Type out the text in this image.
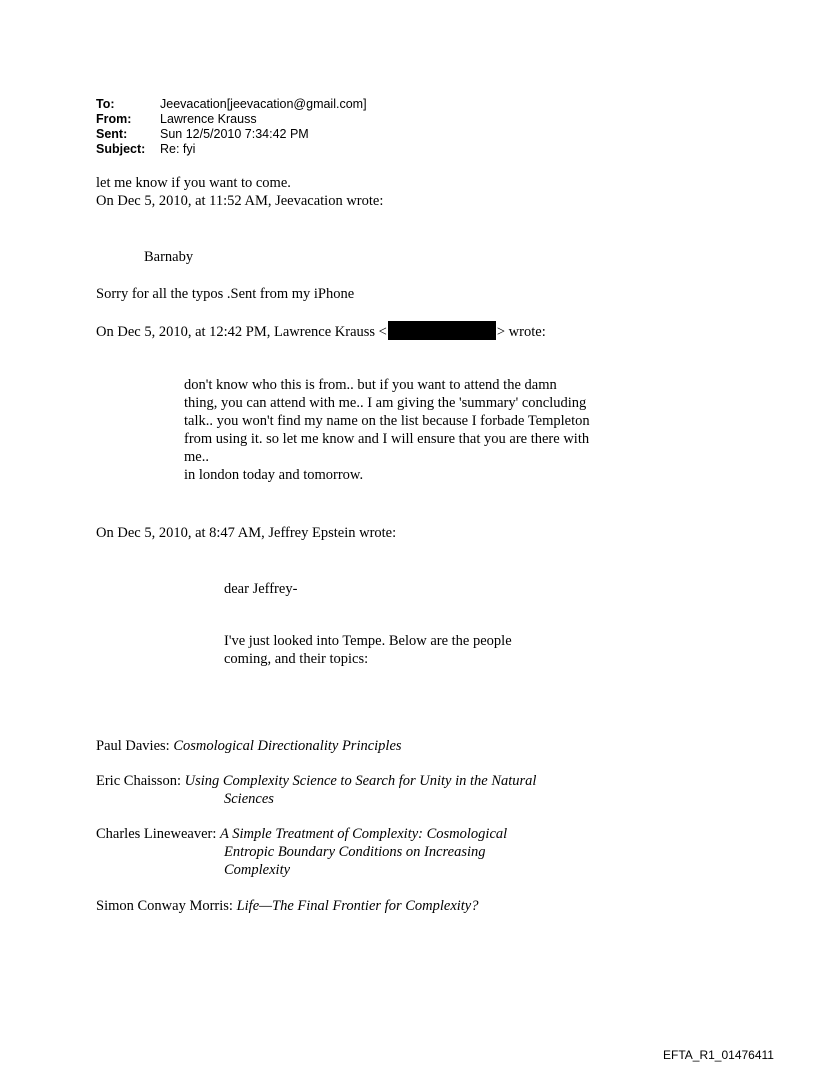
To:	Jeevacation[jeevacation@gmail.com]
From:	Lawrence Krauss
Sent:	Sun 12/5/2010 7:34:42 PM
Subject:	Re: fyi
let me know if you want to come.
On Dec 5, 2010, at 11:52 AM, Jeevacation wrote:
Barnaby
Sorry for all the typos .Sent from my iPhone
On Dec 5, 2010, at 12:42 PM, Lawrence Krauss <	> wrote:
don't know who this is from.. but if you want to attend the damn
thing, you can attend with me.. I am giving the 'summary' concluding
talk.. you won't find my name on the list because I forbade Templeton
from using it. so let me know and I will ensure that you are there with
me..
in london today and tomorrow.
On Dec 5, 2010, at 8:47 AM, Jeffrey Epstein wrote:
dear Jeffrey-
I've just looked into Tempe. Below are the people
coming, and their topics:
Paul Davies: Cosmological Directionality Principles
Eric Chaisson: Using Complexity Science to Search for Unity in the Natural
Sciences
Charles Lineweaver: A Simple Treatment of Complexity: Cosmological
Entropic Boundary Conditions on Increasing
Complexity
Simon Conway Morris: Life—The Final Frontier for Complexity?
EFTA_R1_01476411
